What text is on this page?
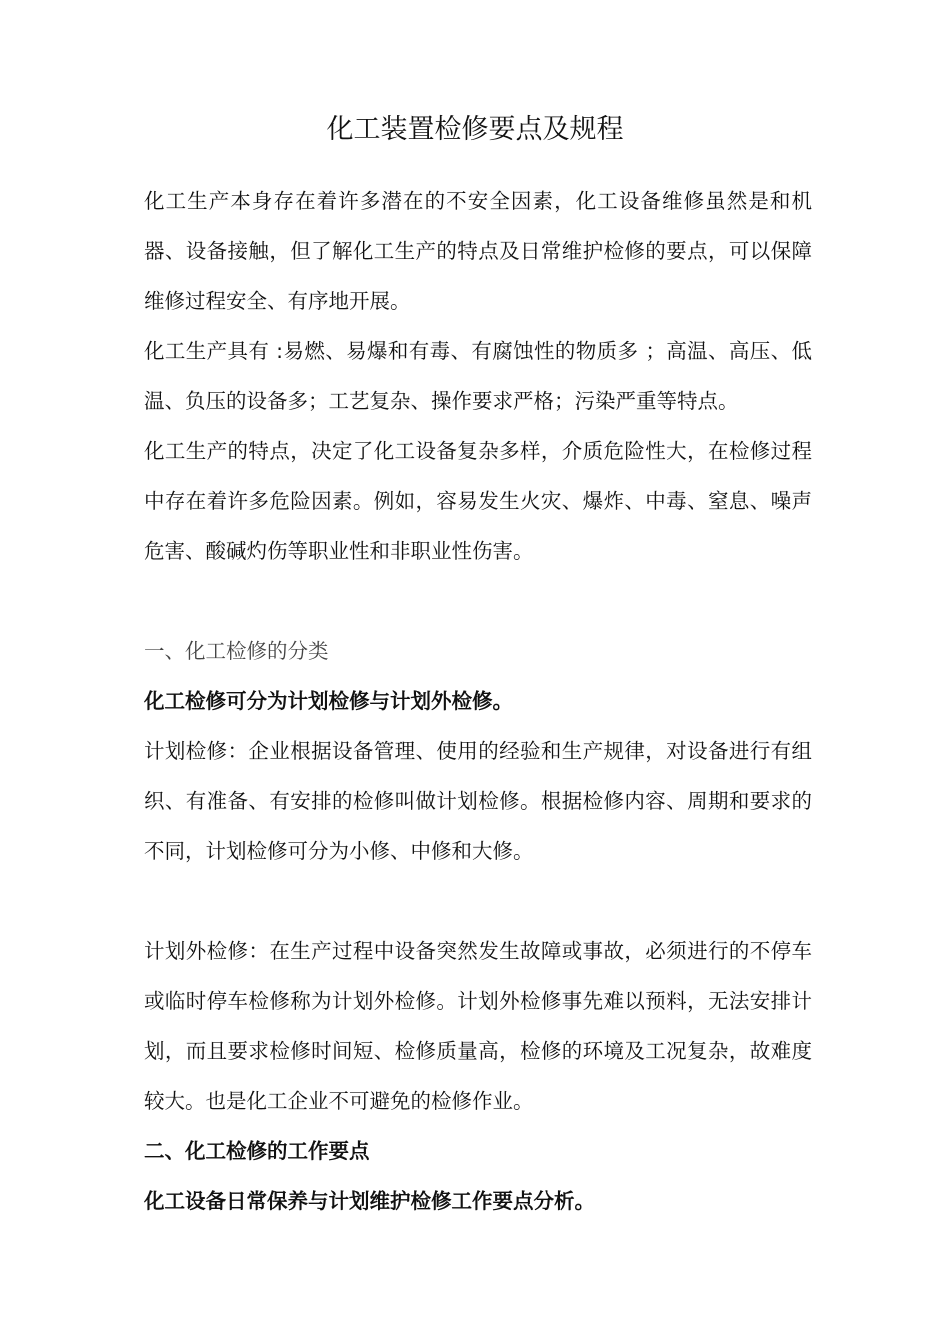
化工装置检修要点及规程

化工生产本身存在着许多潜在的不安全因素，化工设备维修虽然是和机器、设备接触，但了解化工生产的特点及日常维护检修的要点，可以保障维修过程安全、有序地开展。

化工生产具有 :易燃、易爆和有毒、有腐蚀性的物质多 ；高温、高压、低温、负压的设备多；工艺复杂、操作要求严格；污染严重等特点。

化工生产的特点，决定了化工设备复杂多样，介质危险性大，在检修过程中存在着许多危险因素。例如，容易发生火灾、爆炸、中毒、窒息、噪声危害、酸碱灼伤等职业性和非职业性伤害。

一、化工检修的分类

化工检修可分为计划检修与计划外检修。

计划检修：企业根据设备管理、使用的经验和生产规律，对设备进行有组织、有准备、有安排的检修叫做计划检修。根据检修内容、周期和要求的不同，计划检修可分为小修、中修和大修。

计划外检修：在生产过程中设备突然发生故障或事故，必须进行的不停车或临时停车检修称为计划外检修。计划外检修事先难以预料，无法安排计划，而且要求检修时间短、检修质量高，检修的环境及工况复杂，故难度较大。也是化工企业不可避免的检修作业。

二、化工检修的工作要点

化工设备日常保养与计划维护检修工作要点分析。
